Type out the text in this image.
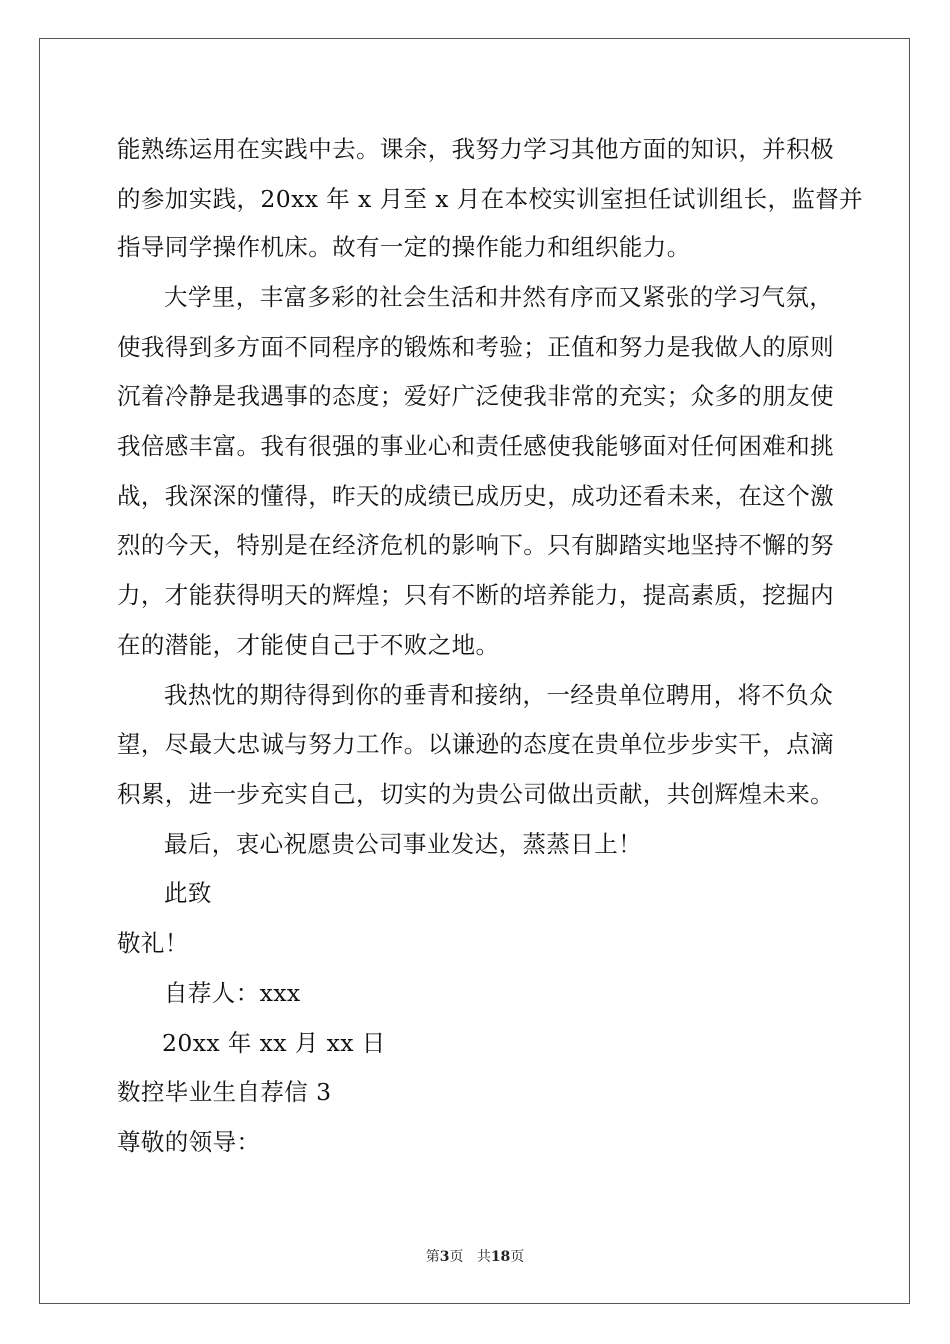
能熟练运用在实践中去。课余，我努力学习其他方面的知识，并积极
的参加实践，20xx 年 x 月至 x 月在本校实训室担任试训组长，监督并
指导同学操作机床。故有一定的操作能力和组织能力。
大学里，丰富多彩的社会生活和井然有序而又紧张的学习气氛，
使我得到多方面不同程序的锻炼和考验；正值和努力是我做人的原则
沉着冷静是我遇事的态度；爱好广泛使我非常的充实；众多的朋友使
我倍感丰富。我有很强的事业心和责任感使我能够面对任何困难和挑
战，我深深的懂得，昨天的成绩已成历史，成功还看未来，在这个激
烈的今天，特别是在经济危机的影响下。只有脚踏实地坚持不懈的努
力，才能获得明天的辉煌；只有不断的培养能力，提高素质，挖掘内
在的潜能，才能使自己于不败之地。
我热忱的期待得到你的垂青和接纳，一经贵单位聘用，将不负众
望，尽最大忠诚与努力工作。以谦逊的态度在贵单位步步实干，点滴
积累，进一步充实自己，切实的为贵公司做出贡献，共创辉煌未来。
最后，衷心祝愿贵公司事业发达，蒸蒸日上！
此致
敬礼！
自荐人：xxx
20xx 年 xx 月 xx 日
数控毕业生自荐信 3
尊敬的领导：
第3页 共18页
